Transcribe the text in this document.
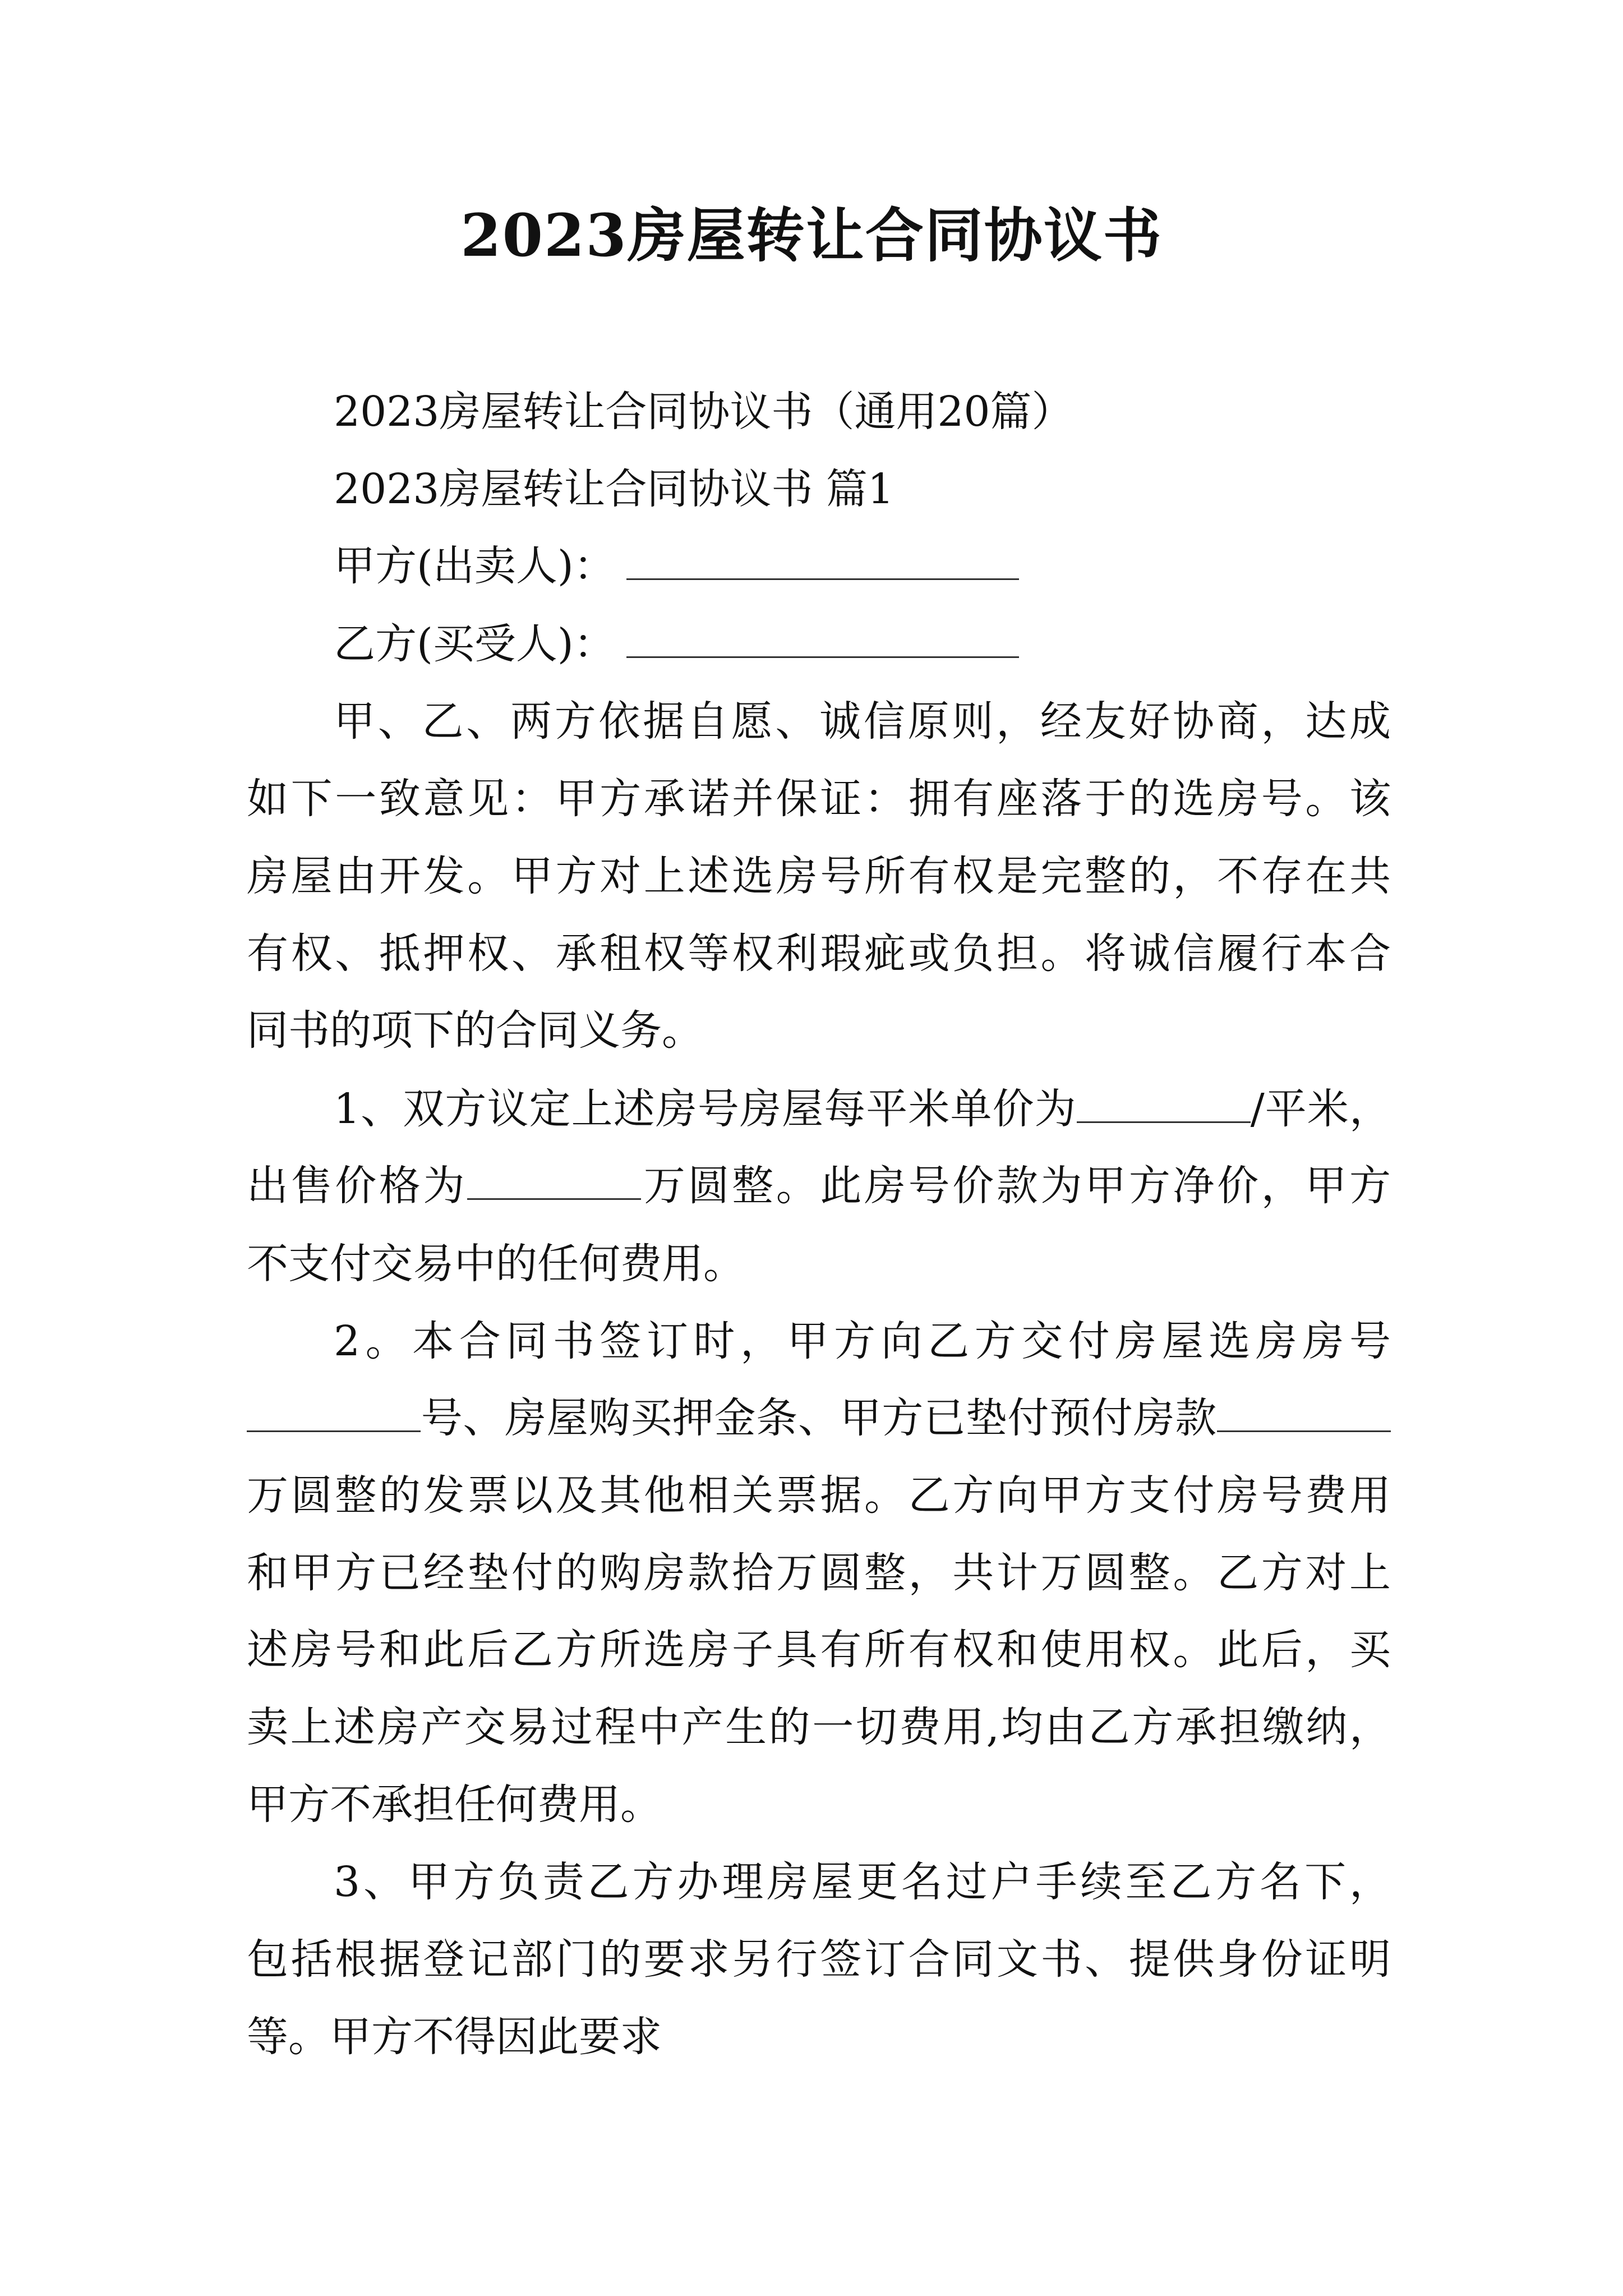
2023房屋转让合同协议书

2023房屋转让合同协议书（通用20篇）

2023房屋转让合同协议书 篇1

甲方(出卖人)：

乙方(买受人)：

甲、乙、两方依据自愿、诚信原则，经友好协商，达成

如下一致意见：甲方承诺并保证：拥有座落于的选房号。该

房屋由开发。甲方对上述选房号所有权是完整的，不存在共

有权、抵押权、承租权等权利瑕疵或负担。将诚信履行本合

同书的项下的合同义务。

1、双方议定上述房号房屋每平米单价为	/平米，

出售价格为	万圆整。此房号价款为甲方净价，甲方

不支付交易中的任何费用。

2。本合同书签订时，甲方向乙方交付房屋选房房号

号、房屋购买押金条、甲方已垫付预付房款

万圆整的发票以及其他相关票据。乙方向甲方支付房号费用

和甲方已经垫付的购房款拾万圆整，共计万圆整。乙方对上

述房号和此后乙方所选房子具有所有权和使用权。此后，买

卖上述房产交易过程中产生的一切费用,均由乙方承担缴纳，

甲方不承担任何费用。

3、甲方负责乙方办理房屋更名过户手续至乙方名下，

包括根据登记部门的要求另行签订合同文书、提供身份证明

等。甲方不得因此要求
